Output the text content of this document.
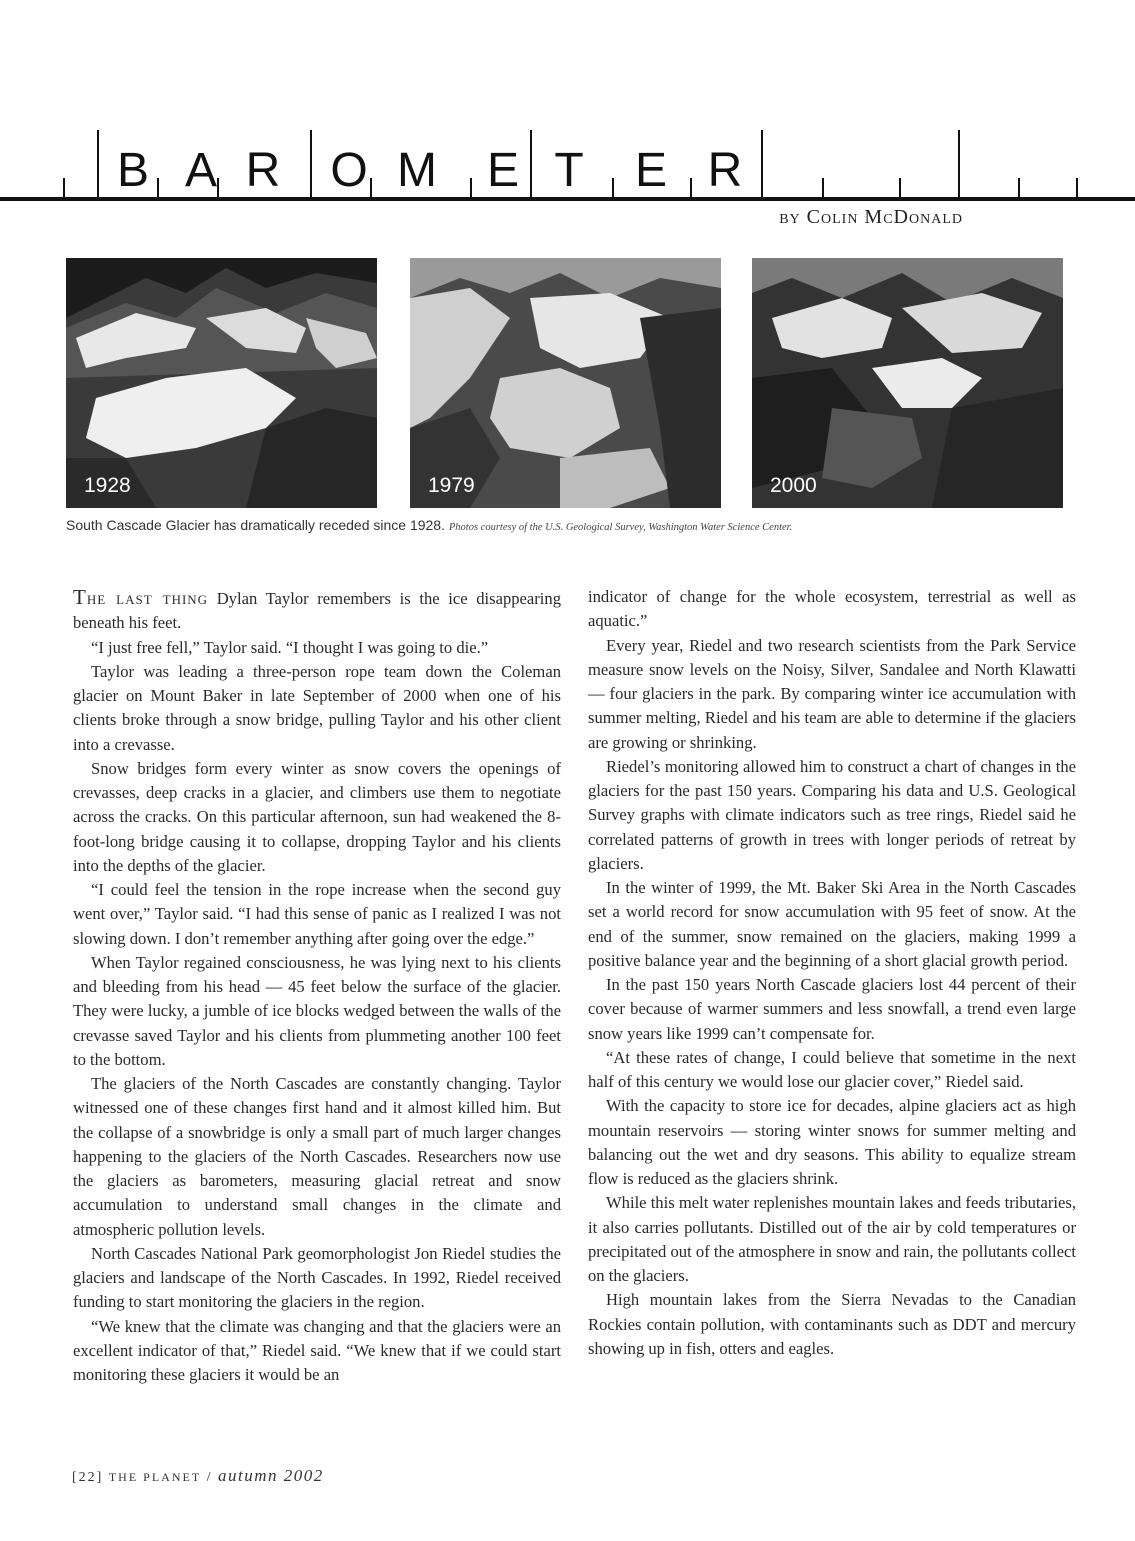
B A R O M E T E R
by Colin McDonald
1928	1979	2000
South Cascade Glacier has dramatically receded since 1928. Photos courtesy of the U.S. Geological Survey, Washington Water Science Center.

The last thing Dylan Taylor remembers is the ice disappearing beneath his feet.

“I just free fell,” Taylor said. “I thought I was going to die.”

Taylor was leading a three-person rope team down the Coleman glacier on Mount Baker in late September of 2000 when one of his clients broke through a snow bridge, pulling Taylor and his other client into a crevasse.

Snow bridges form every winter as snow covers the openings of crevasses, deep cracks in a glacier, and climbers use them to negotiate across the cracks. On this particular afternoon, sun had weakened the 8-foot-long bridge causing it to collapse, dropping Taylor and his clients into the depths of the glacier.

“I could feel the tension in the rope increase when the second guy went over,” Taylor said. “I had this sense of panic as I realized I was not slowing down. I don’t remember anything after going over the edge.”

When Taylor regained consciousness, he was lying next to his clients and bleeding from his head — 45 feet below the surface of the glacier. They were lucky, a jumble of ice blocks wedged between the walls of the crevasse saved Taylor and his clients from plummeting another 100 feet to the bottom.

The glaciers of the North Cascades are constantly changing. Taylor witnessed one of these changes first hand and it almost killed him. But the collapse of a snowbridge is only a small part of much larger changes happening to the glaciers of the North Cascades. Researchers now use the glaciers as barometers, measuring glacial retreat and snow accumulation to understand small changes in the climate and atmospheric pollution levels.

North Cascades National Park geomorphologist Jon Riedel studies the glaciers and landscape of the North Cascades. In 1992, Riedel received funding to start monitoring the glaciers in the region.

“We knew that the climate was changing and that the glaciers were an excellent indicator of that,” Riedel said. “We knew that if we could start monitoring these glaciers it would be an

indicator of change for the whole ecosystem, terrestrial as well as aquatic.”

Every year, Riedel and two research scientists from the Park Service measure snow levels on the Noisy, Silver, Sandalee and North Klawatti — four glaciers in the park. By comparing winter ice accumulation with summer melting, Riedel and his team are able to determine if the glaciers are growing or shrinking.

Riedel’s monitoring allowed him to construct a chart of changes in the glaciers for the past 150 years. Comparing his data and U.S. Geological Survey graphs with climate indicators such as tree rings, Riedel said he correlated patterns of growth in trees with longer periods of retreat by glaciers.

In the winter of 1999, the Mt. Baker Ski Area in the North Cascades set a world record for snow accumulation with 95 feet of snow. At the end of the summer, snow remained on the glaciers, making 1999 a positive balance year and the beginning of a short glacial growth period.

In the past 150 years North Cascade glaciers lost 44 percent of their cover because of warmer summers and less snowfall, a trend even large snow years like 1999 can’t compensate for.

“At these rates of change, I could believe that sometime in the next half of this century we would lose our glacier cover,” Riedel said.

With the capacity to store ice for decades, alpine glaciers act as high mountain reservoirs — storing winter snows for summer melting and balancing out the wet and dry seasons. This ability to equalize stream flow is reduced as the glaciers shrink.

While this melt water replenishes mountain lakes and feeds tributaries, it also carries pollutants. Distilled out of the air by cold temperatures or precipitated out of the atmosphere in snow and rain, the pollutants collect on the glaciers.

High mountain lakes from the Sierra Nevadas to the Canadian Rockies contain pollution, with contaminants such as DDT and mercury showing up in fish, otters and eagles.

[22] THE PLANET / autumn 2002
